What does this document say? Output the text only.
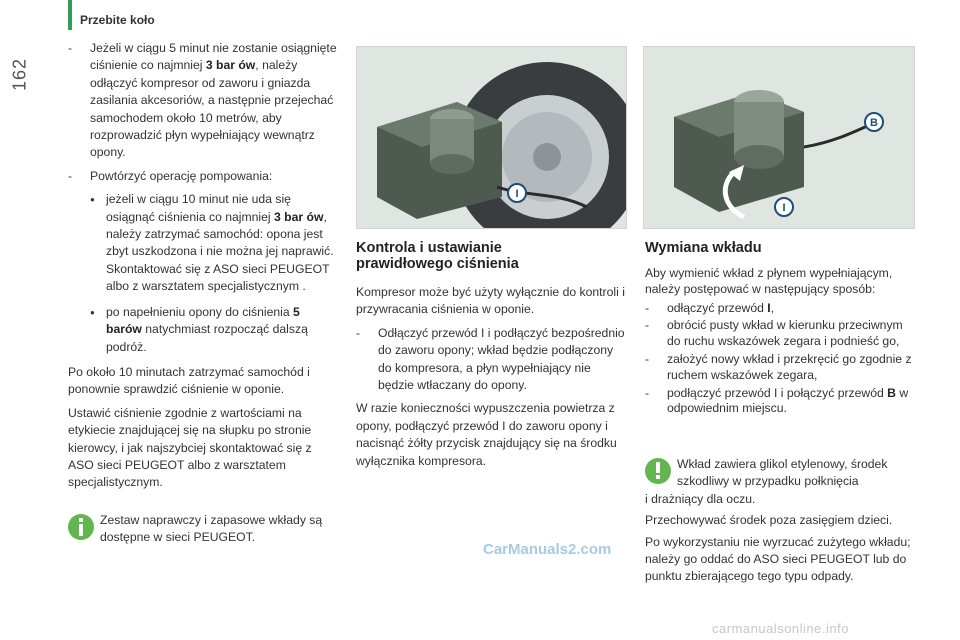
Przebite koło
162
- Jeżeli w ciągu 5 minut nie zostanie osiągnięte ciśnienie co najmniej 3 bar ów, należy odłączyć kompresor od zaworu i gniazda zasilania akcesoriów, a następnie przejechać samochodem około 10 metrów, aby rozprowadzić płyn wypełniający wewnątrz opony.
- Powtórzyć operację pompowania:
● jeżeli w ciągu 10 minut nie uda się osiągnąć ciśnienia co najmniej 3 bar ów, należy zatrzymać samochód: opona jest zbyt uszkodzona i nie można jej naprawić. Skontaktować się z ASO sieci PEUGEOT albo z warsztatem specjalistycznym .
● po napełnieniu opony do ciśnienia 5 barów natychmiast rozpocząć dalszą podróż.

Po około 10 minutach zatrzymać samochód i ponownie sprawdzić ciśnienie w oponie.

Ustawić ciśnienie zgodnie z wartościami na etykiecie znajdującej się na słupku po stronie kierowcy, i jak najszybciej skontaktować się z ASO sieci PEUGEOT albo z warsztatem specjalistycznym.

Zestaw naprawczy i zapasowe wkłady są dostępne w sieci PEUGEOT.

I
Kontrola i ustawianie
prawidłowego ciśnienia

Kompresor może być użyty wyłącznie do kontroli i przywracania ciśnienia w oponie.

- Odłączyć przewód I i podłączyć bezpośrednio do zaworu opony; wkład będzie podłączony do kompresora, a płyn wypełniający nie będzie wtłaczany do opony.

W razie konieczności wypuszczenia powietrza z opony, podłączyć przewód I do zaworu opony i nacisnąć żółty przycisk znajdujący się na środku wyłącznika kompresora.

B
I
Wymiana wkładu

Aby wymienić wkład z płynem wypełniającym, należy postępować w następujący sposób:

- odłączyć przewód I,
- obrócić pusty wkład w kierunku przeciwnym do ruchu wskazówek zegara i podnieść go,
- założyć nowy wkład i przekręcić go zgodnie z ruchem wskazówek zegara,
- podłączyć przewód I i połączyć przewód B w odpowiednim miejscu.

Wkład zawiera glikol etylenowy, środek szkodliwy w przypadku połknięcia

i drażniący dla oczu.

Przechowywać środek poza zasięgiem dzieci.

Po wykorzystaniu nie wyrzucać zużytego wkładu; należy go oddać do ASO sieci PEUGEOT lub do punktu zbierającego tego typu odpady.

CarManuals2.com
carmanualsonline.info
